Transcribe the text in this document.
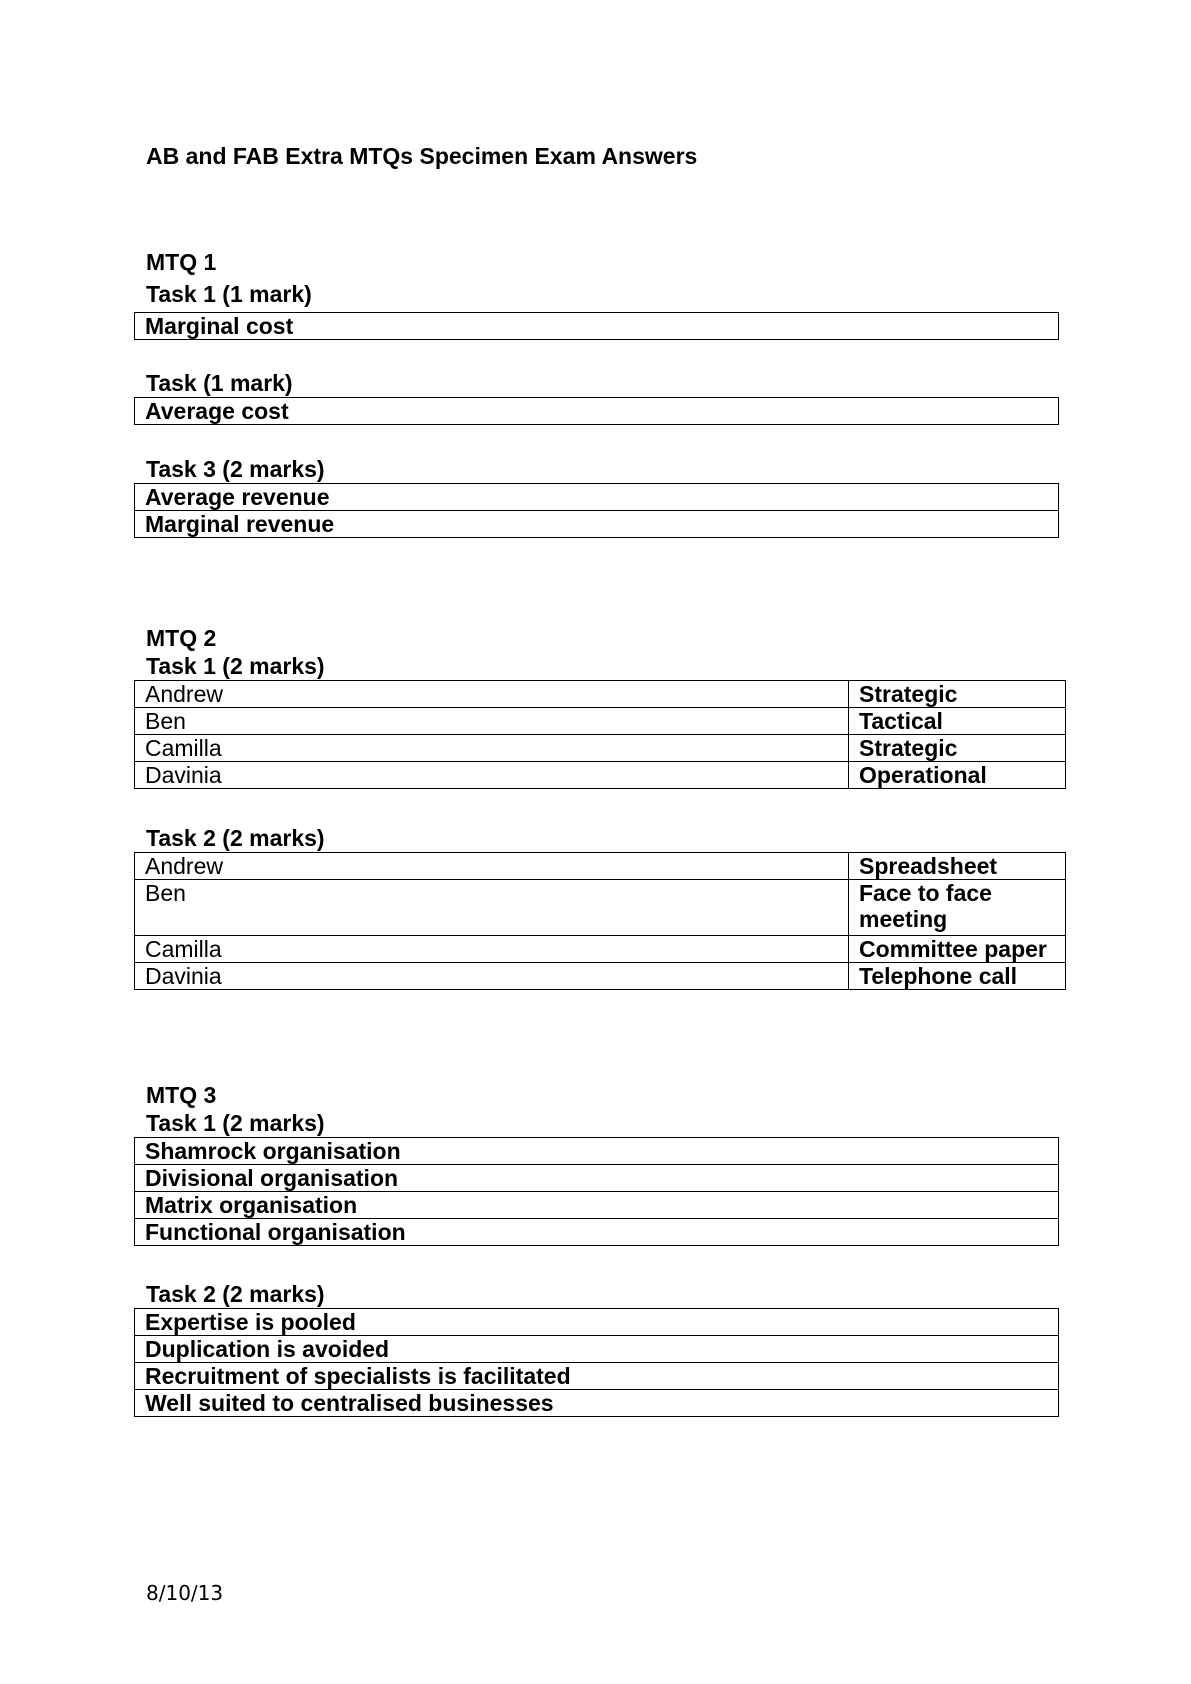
AB and FAB Extra MTQs Specimen Exam Answers
MTQ 1
Task 1 (1 mark)
Marginal cost
Task (1 mark)
Average cost
Task 3 (2 marks)
Average revenue
Marginal revenue
MTQ 2
Task 1 (2 marks)
Andrew	Strategic
Ben	Tactical
Camilla	Strategic
Davinia	Operational
Task 2 (2 marks)
Andrew	Spreadsheet
Ben	Face to face meeting
Camilla	Committee paper
Davinia	Telephone call
MTQ 3
Task 1 (2 marks)
Shamrock organisation
Divisional organisation
Matrix organisation
Functional organisation
Task 2 (2 marks)
Expertise is pooled
Duplication is avoided
Recruitment of specialists is facilitated
Well suited to centralised businesses
8/10/13
